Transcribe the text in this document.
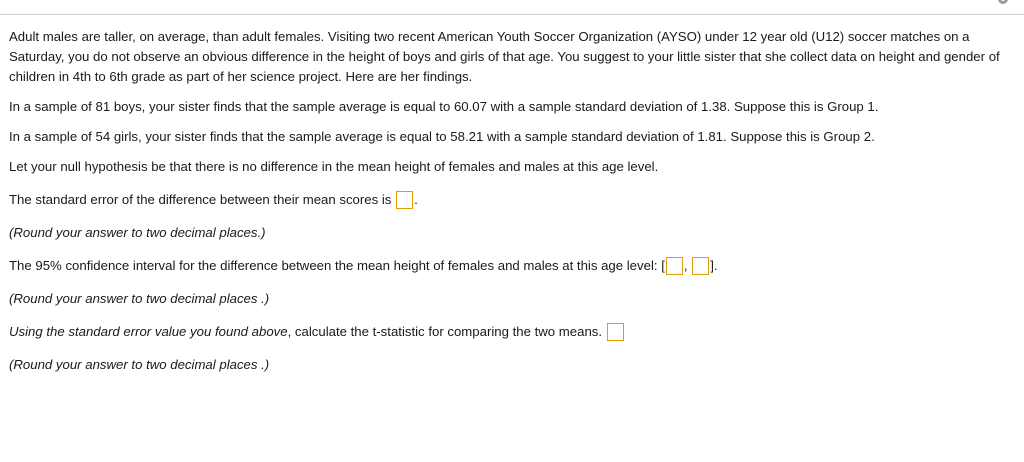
Adult males are taller, on average, than adult females. Visiting two recent American Youth Soccer Organization (AYSO) under 12 year old (U12) soccer matches on a Saturday, you do not observe an obvious difference in the height of boys and girls of that age. You suggest to your little sister that she collect data on height and gender of children in 4th to 6th grade as part of her science project. Here are her findings.

In a sample of 81 boys, your sister finds that the sample average is equal to 60.07 with a sample standard deviation of 1.38. Suppose this is Group 1.

In a sample of 54 girls, your sister finds that the sample average is equal to 58.21 with a sample standard deviation of 1.81. Suppose this is Group 2.

Let your null hypothesis be that there is no difference in the mean height of females and males at this age level.

The standard error of the difference between their mean scores is .

(Round your answer to two decimal places.)

The 95% confidence interval for the difference between the mean height of females and males at this age level: [ , ].

(Round your answer to two decimal places .)

Using the standard error value you found above, calculate the t-statistic for comparing the two means.

(Round your answer to two decimal places .)
